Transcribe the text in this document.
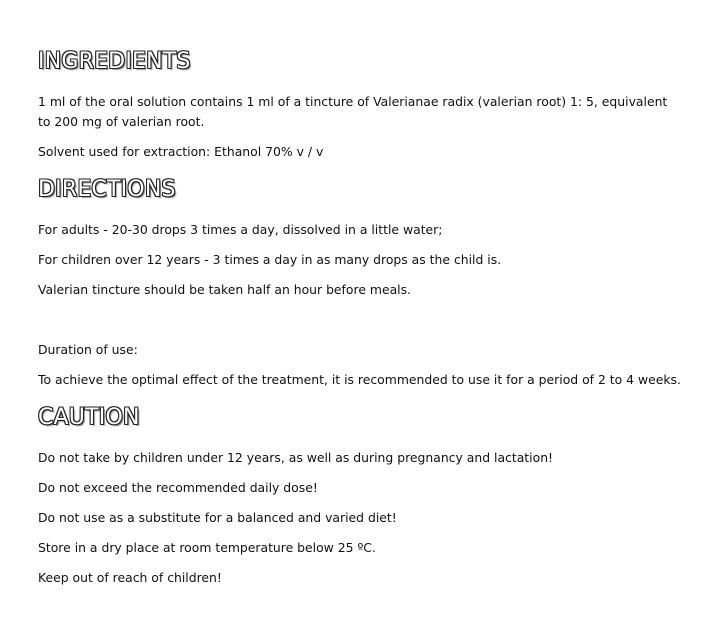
INGREDIENTS

1 ml of the oral solution contains 1 ml of a tincture of Valerianae radix (valerian root) 1: 5, equivalent to 200 mg of valerian root.

Solvent used for extraction: Ethanol 70% v / v

DIRECTIONS

For adults - 20-30 drops 3 times a day, dissolved in a little water;

For children over 12 years - 3 times a day in as many drops as the child is.

Valerian tincture should be taken half an hour before meals.

Duration of use:

To achieve the optimal effect of the treatment, it is recommended to use it for a period of 2 to 4 weeks.

CAUTION

Do not take by children under 12 years, as well as during pregnancy and lactation!

Do not exceed the recommended daily dose!

Do not use as a substitute for a balanced and varied diet!

Store in a dry place at room temperature below 25 ºC.

Keep out of reach of children!
